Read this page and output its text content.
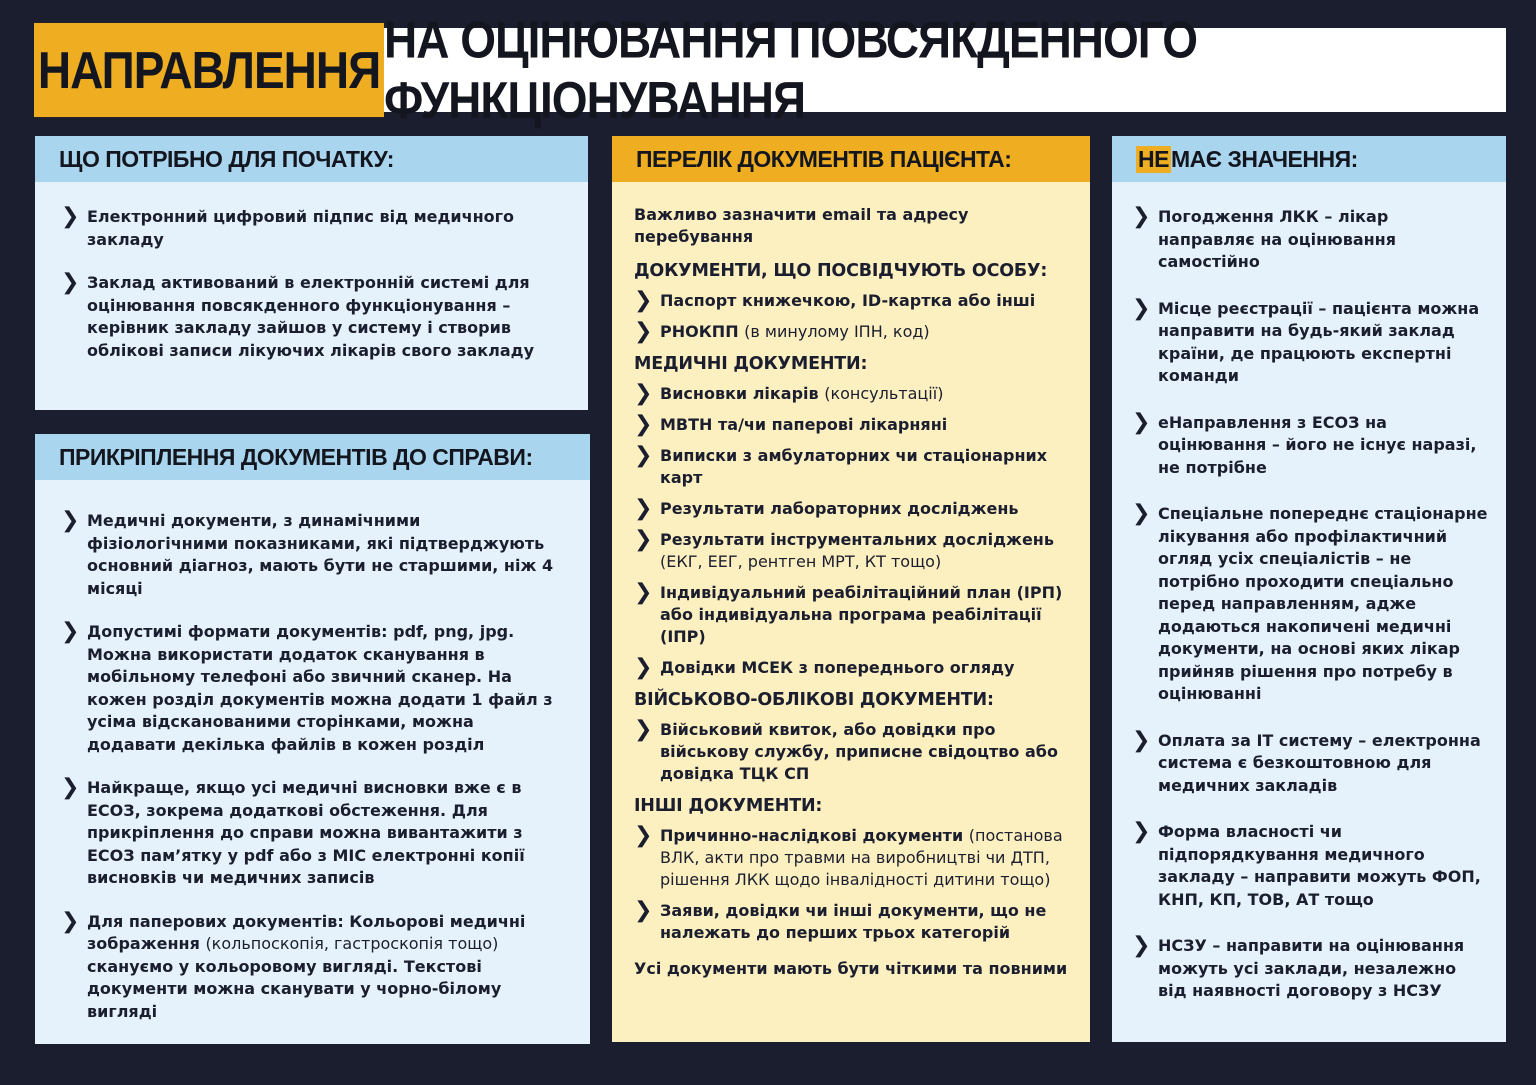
НАПРАВЛЕННЯ
НА ОЦІНЮВАННЯ ПОВСЯКДЕННОГО ФУНКЦІОНУВАННЯ
ЩО ПОТРІБНО ДЛЯ ПОЧАТКУ:
❯ Електронний цифровий підпис від медичного закладу
❯ Заклад активований в електронній системі для оцінювання повсякденного функціонування – керівник закладу зайшов у систему і створив облікові записи лікуючих лікарів свого закладу
ПРИКРІПЛЕННЯ ДОКУМЕНТІВ ДО СПРАВИ:
❯ Медичні документи, з динамічними фізіологічними показниками, які підтверджують основний діагноз, мають бути не старшими, ніж 4 місяці
❯ Допустимі формати документів: pdf, png, jpg. Можна використати додаток сканування в мобільному телефоні або звичний сканер. На кожен розділ документів можна додати 1 файл з усіма відсканованими сторінками, можна додавати декілька файлів в кожен розділ
❯ Найкраще, якщо усі медичні висновки вже є в ЕСОЗ, зокрема додаткові обстеження. Для прикріплення до справи можна вивантажити з ЕСОЗ пам’ятку у pdf або з МІС електронні копії висновків чи медичних записів
❯ Для паперових документів: Кольорові медичні зображення (кольпоскопія, гастроскопія тощо) скануємо у кольоровому вигляді. Текстові документи можна сканувати у чорно-білому вигляді
ПЕРЕЛІК ДОКУМЕНТІВ ПАЦІЄНТА:
Важливо зазначити email та адресу перебування
ДОКУМЕНТИ, ЩО ПОСВІДЧУЮТЬ ОСОБУ:
❯ Паспорт книжечкою, ID-картка або інші
❯ РНОКПП (в минулому ІПН, код)
МЕДИЧНІ ДОКУМЕНТИ:
❯ Висновки лікарів (консультації)
❯ МВТН та/чи паперові лікарняні
❯ Виписки з амбулаторних чи стаціонарних карт
❯ Результати лабораторних досліджень
❯ Результати інструментальних досліджень (ЕКГ, ЕЕГ, рентген МРТ, КТ тощо)
❯ Індивідуальний реабілітаційний план (ІРП) або індивідуальна програма реабілітації (ІПР)
❯ Довідки МСЕК з попереднього огляду
ВІЙСЬКОВО-ОБЛІКОВІ ДОКУМЕНТИ:
❯ Військовий квиток, або довідки про військову службу, приписне свідоцтво або довідка ТЦК СП
ІНШІ ДОКУМЕНТИ:
❯ Причинно-наслідкові документи (постанова ВЛК, акти про травми на виробництві чи ДТП, рішення ЛКК щодо інвалідності дитини тощо)
❯ Заяви, довідки чи інші документи, що не належать до перших трьох категорій
Усі документи мають бути чіткими та повними
НЕ МАЄ ЗНАЧЕННЯ:
❯ Погодження ЛКК – лікар направляє на оцінювання самостійно
❯ Місце реєстрації – пацієнта можна направити на будь-який заклад країни, де працюють експертні команди
❯ еНаправлення з ЕСОЗ на оцінювання – його не існує наразі, не потрібне
❯ Спеціальне попереднє стаціонарне лікування або профілактичний огляд усіх спеціалістів – не потрібно проходити спеціально перед направленням, адже додаються накопичені медичні документи, на основі яких лікар прийняв рішення про потребу в оцінюванні
❯ Оплата за ІТ систему – електронна система є безкоштовною для медичних закладів
❯ Форма власності чи підпорядкування медичного закладу – направити можуть ФОП, КНП, КП, ТОВ, АТ тощо
❯ НСЗУ – направити на оцінювання можуть усі заклади, незалежно від наявності договору з НСЗУ
